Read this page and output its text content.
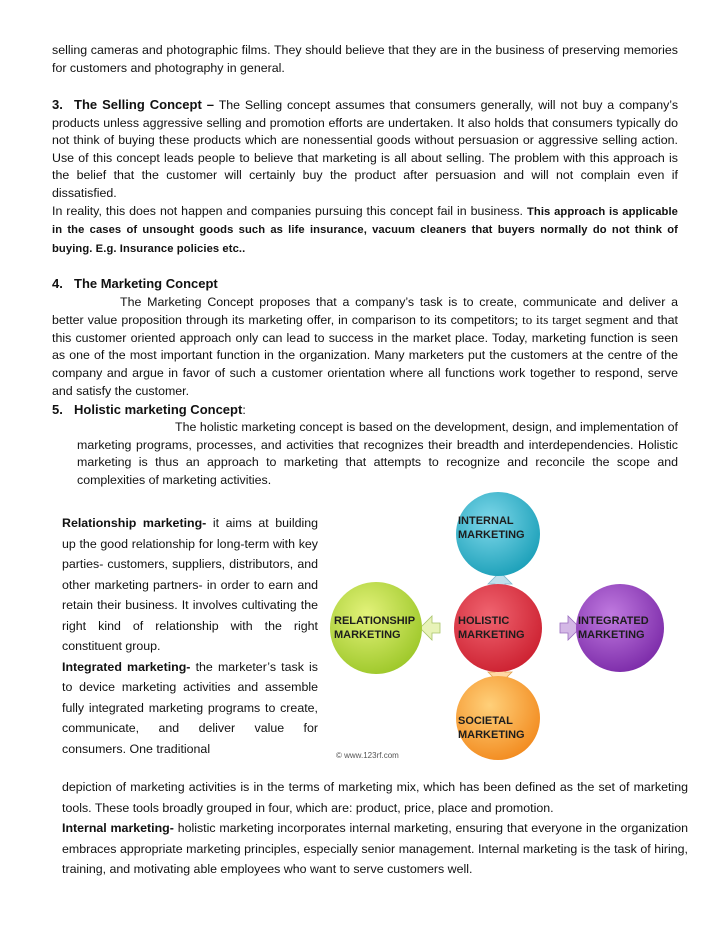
selling cameras and photographic films. They should believe that they are in the business of preserving memories for customers and photography in general.
3. The Selling Concept – The Selling concept assumes that consumers generally, will not buy a company’s products unless aggressive selling and promotion efforts are undertaken. It also holds that consumers typically do not think of buying these products which are nonessential goods without persuasion or aggressive selling action. Use of this concept leads people to believe that marketing is all about selling. The problem with this approach is the belief that the customer will certainly buy the product after persuasion and will not complain even if dissatisfied.
In reality, this does not happen and companies pursuing this concept fail in business. This approach is applicable in the cases of unsought goods such as life insurance, vacuum cleaners that buyers normally do not think of buying. E.g. Insurance policies etc..
4. The Marketing Concept
The Marketing Concept proposes that a company’s task is to create, communicate and deliver a better value proposition through its marketing offer, in comparison to its competitors; to its target segment and that this customer oriented approach only can lead to success in the market place. Today, marketing function is seen as one of the most important function in the organization. Many marketers put the customers at the centre of the company and argue in favor of such a customer orientation where all functions work together to respond, serve and satisfy the customer.
5. Holistic marketing Concept:
The holistic marketing concept is based on the development, design, and implementation of marketing programs, processes, and activities that recognizes their breadth and interdependencies. Holistic marketing is thus an approach to marketing that attempts to recognize and reconcile the scope and complexities of marketing activities.
Relationship marketing- it aims at building up the good relationship for long-term with key parties- customers, suppliers, distributors, and other marketing partners- in order to earn and retain their business. It involves cultivating the right kind of relationship with the right constituent group.
Integrated marketing- the marketer’s task is to device marketing activities and assemble fully integrated marketing programs to create, communicate, and deliver value for consumers. One traditional
depiction of marketing activities is in the terms of marketing mix, which has been defined as the set of marketing tools. These tools broadly grouped in four, which are: product, price, place and promotion.
Internal marketing- holistic marketing incorporates internal marketing, ensuring that everyone in the organization embraces appropriate marketing principles, especially senior management. Internal marketing is the task of hiring, training, and motivating able employees who want to serve customers well.
INTERNAL
MARKETING
RELATIONSHIP
MARKETING
HOLISTIC
MARKETING
INTEGRATED
MARKETING
SOCIETAL
MARKETING
© www.123rf.com
